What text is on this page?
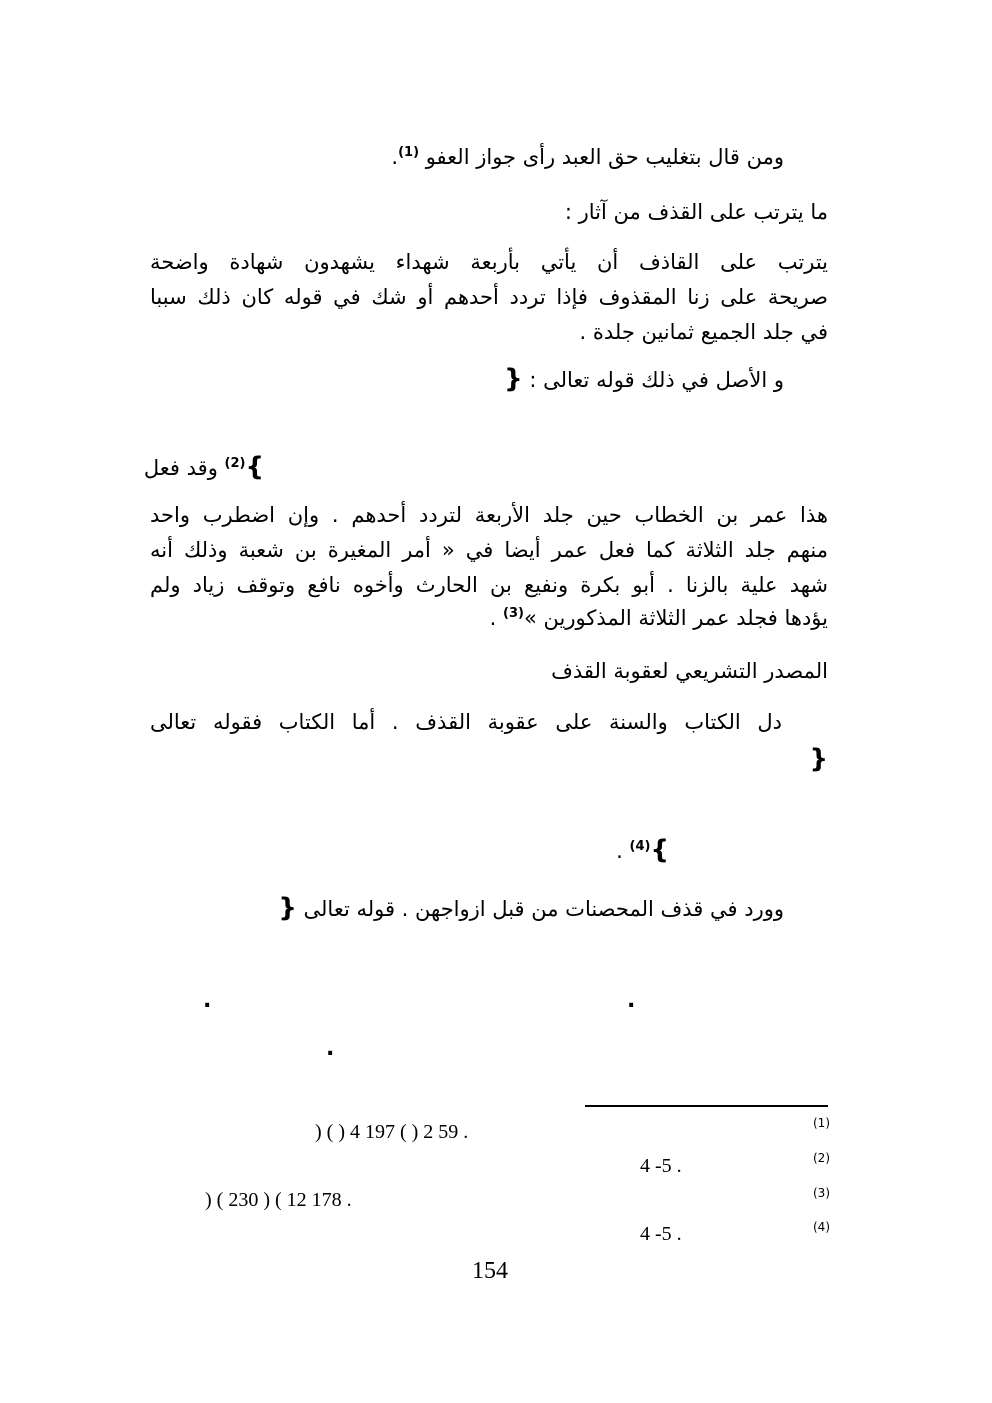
ومن قال بتغليب حق العبد رأى جواز العفو $^{(1)}$.
ما يترتب على القذف من آثار :
يترتب على القاذف أن يأتي بأربعة شهداء يشهدون شهادة واضحة
صريحة على زنا المقذوف فإذا تردد أحدهم أو شك في قوله كان ذلك سببا
في جلد الجميع ثمانين جلدة .
و الأصل في ذلك قوله تعالى : {
}$^{(2)}$ وقد فعل
هذا عمر بن الخطاب حين جلد الأربعة لتردد أحدهم . وإن اضطرب واحد
منهم جلد الثلاثة كما فعل عمر أيضا في « أمر المغيرة بن شعبة وذلك أنه
شهد علية بالزنا . أبو بكرة ونفيع بن الحارث وأخوه نافع وتوقف زياد ولم
يؤدها فجلد عمر الثلاثة المذكورين »$^{(3)}$ .
المصدر التشريعي لعقوبة القذف
دل الكتاب والسنة على عقوبة القذف . أما الكتاب فقوله تعالى
{
}$^{(4)}$ .
وورد في قذف المحصنات من قبل ازواجهن . قوله تعالى {
.	.
.
(1)
) ( ) 4 197 ( ) 2 59 .
(2)
4 -5 .
(3)
) ( 230 ) ( 12 178 .
(4)
4 -5 .
154
